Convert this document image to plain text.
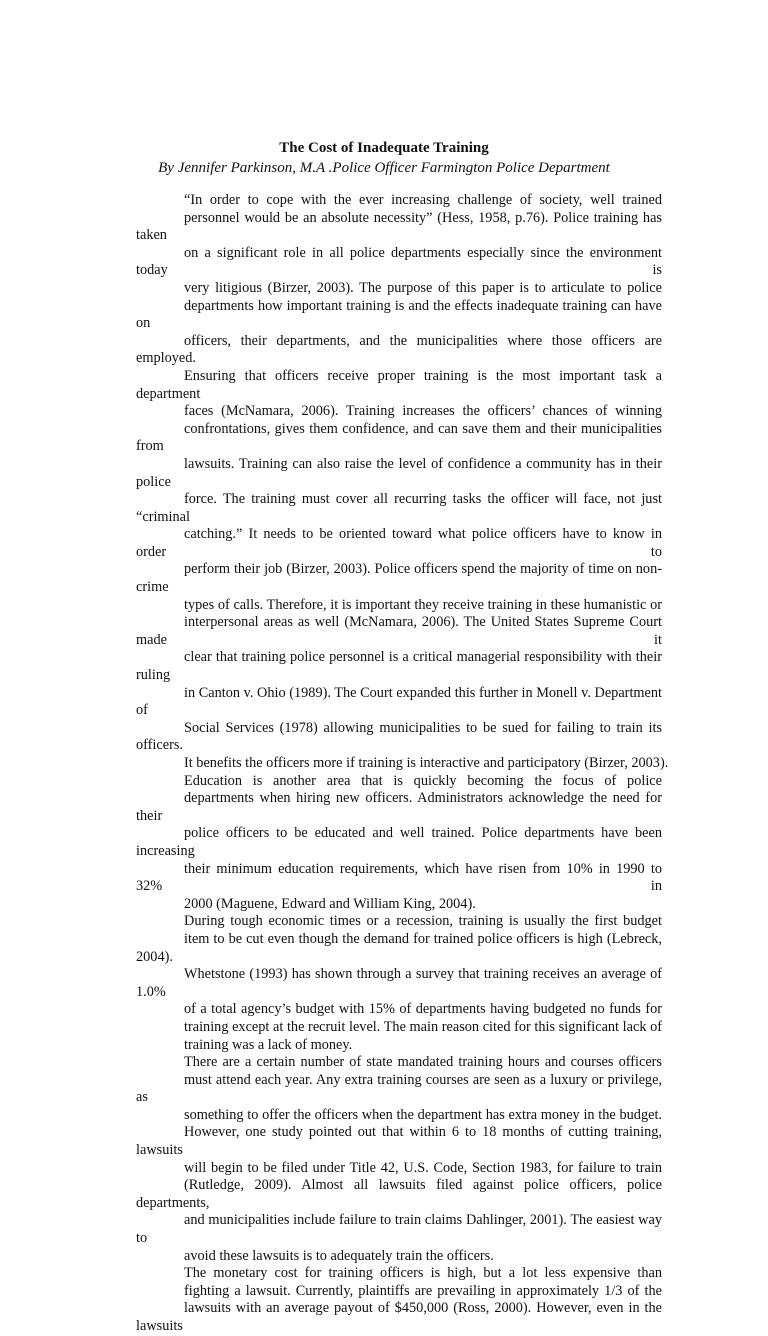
The Cost of Inadequate Training

By Jennifer Parkinson, M.A .Police Officer Farmington Police Department

“In order to cope with the ever increasing challenge of society, well trained
personnel would be an absolute necessity” (Hess, 1958, p.76). Police training has taken
on a significant role in all police departments especially since the environment today is
very litigious (Birzer, 2003). The purpose of this paper is to articulate to police
departments how important training is and the effects inadequate training can have on
officers, their departments, and the municipalities where those officers are employed.
Ensuring that officers receive proper training is the most important task a department
faces (McNamara, 2006). Training increases the officers’ chances of winning
confrontations, gives them confidence, and can save them and their municipalities from
lawsuits. Training can also raise the level of confidence a community has in their police
force. The training must cover all recurring tasks the officer will face, not just “criminal
catching.” It needs to be oriented toward what police officers have to know in order to
perform their job (Birzer, 2003). Police officers spend the majority of time on non-crime
types of calls. Therefore, it is important they receive training in these humanistic or
interpersonal areas as well (McNamara, 2006). The United States Supreme Court made it
clear that training police personnel is a critical managerial responsibility with their ruling
in Canton v. Ohio (1989). The Court expanded this further in Monell v. Department of
Social Services (1978) allowing municipalities to be sued for failing to train its officers.
It benefits the officers more if training is interactive and participatory (Birzer, 2003).

Education is another area that is quickly becoming the focus of police
departments when hiring new officers. Administrators acknowledge the need for their
police officers to be educated and well trained. Police departments have been increasing
their minimum education requirements, which have risen from 10% in 1990 to 32% in
2000 (Maguene, Edward and William King, 2004).

During tough economic times or a recession, training is usually the first budget
item to be cut even though the demand for trained police officers is high (Lebreck, 2004).
Whetstone (1993) has shown through a survey that training receives an average of 1.0%
of a total agency’s budget with 15% of departments having budgeted no funds for
training except at the recruit level. The main reason cited for this significant lack of
training was a lack of money.

There are a certain number of state mandated training hours and courses officers
must attend each year. Any extra training courses are seen as a luxury or privilege, as
something to offer the officers when the department has extra money in the budget.
However, one study pointed out that within 6 to 18 months of cutting training, lawsuits
will begin to be filed under Title 42, U.S. Code, Section 1983, for failure to train
(Rutledge, 2009). Almost all lawsuits filed against police officers, police departments,
and municipalities include failure to train claims Dahlinger, 2001). The easiest way to
avoid these lawsuits is to adequately train the officers.

The monetary cost for training officers is high, but a lot less expensive than
fighting a lawsuit. Currently, plaintiffs are prevailing in approximately 1/3 of the
lawsuits with an average payout of $450,000 (Ross, 2000). However, even in the lawsuits
